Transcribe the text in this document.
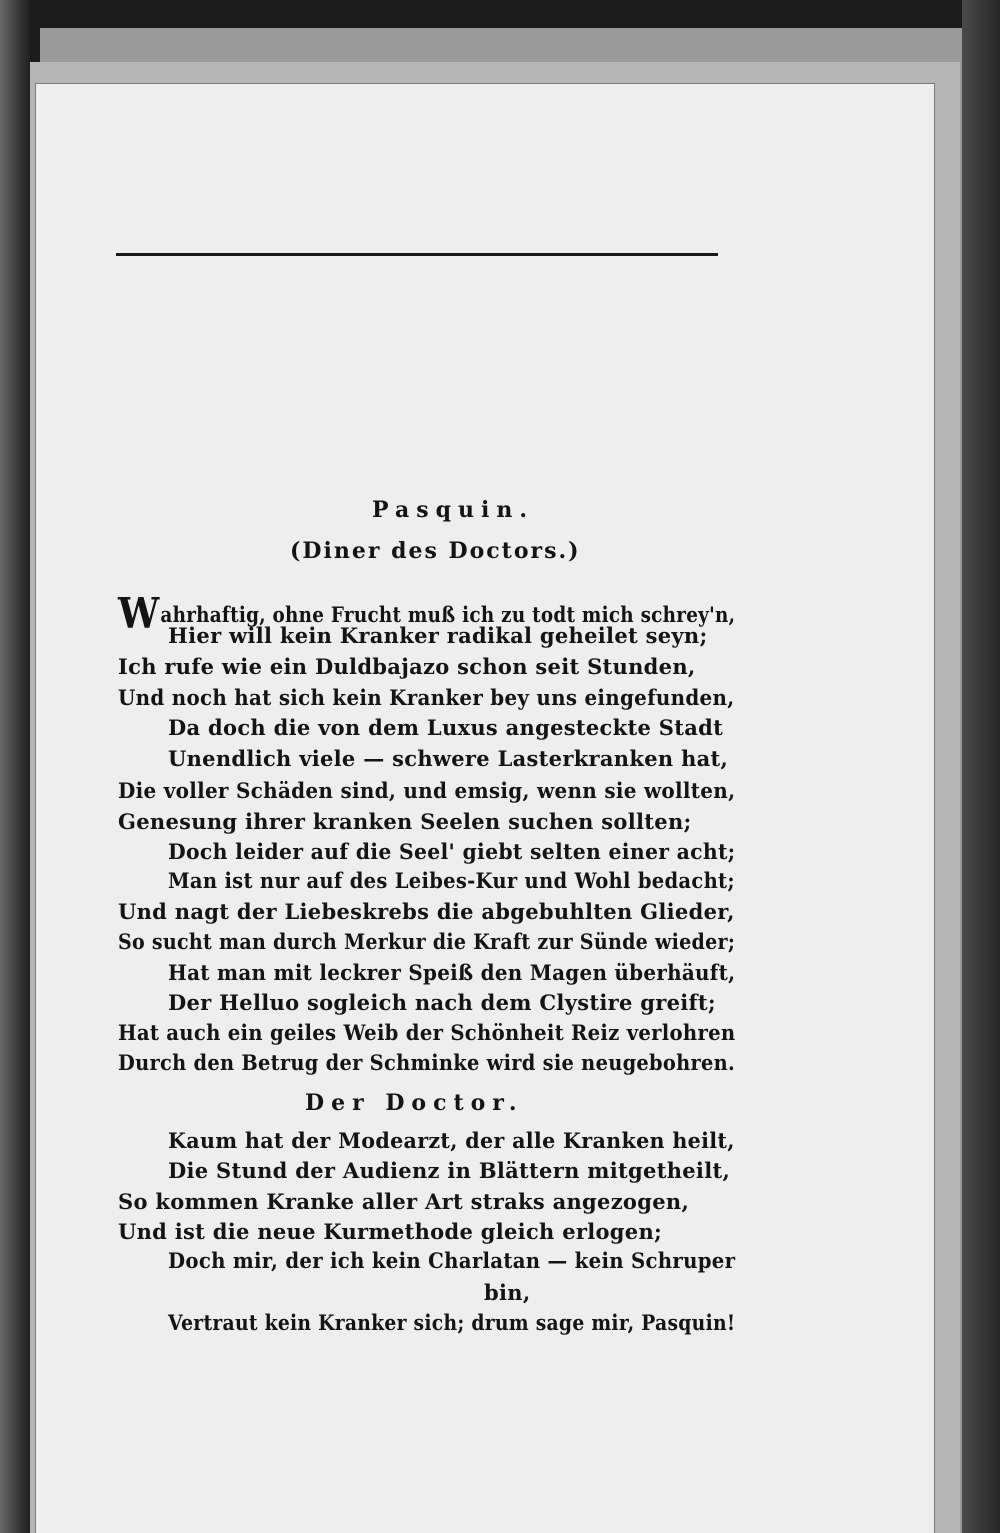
Pasquin.
(Diner des Doctors.)
Wahrhaftig, ohne Frucht muß ich zu todt mich schrey'n,
Hier will kein Kranker radikal geheilet seyn;
Ich rufe wie ein Duldbajazo schon seit Stunden,
Und noch hat sich kein Kranker bey uns eingefunden,
Da doch die von dem Luxus angesteckte Stadt
Unendlich viele — schwere Lasterkranken hat,
Die voller Schäden sind, und emsig, wenn sie wollten,
Genesung ihrer kranken Seelen suchen sollten;
Doch leider auf die Seel' giebt selten einer acht;
Man ist nur auf des Leibes-Kur und Wohl bedacht;
Und nagt der Liebeskrebs die abgebuhlten Glieder,
So sucht man durch Merkur die Kraft zur Sünde wieder;
Hat man mit leckrer Speiß den Magen überhäuft,
Der Helluo sogleich nach dem Clystire greift;
Hat auch ein geiles Weib der Schönheit Reiz verlohren
Durch den Betrug der Schminke wird sie neugebohren.
Der Doctor.
Kaum hat der Modearzt, der alle Kranken heilt,
Die Stund der Audienz in Blättern mitgetheilt,
So kommen Kranke aller Art straks angezogen,
Und ist die neue Kurmethode gleich erlogen;
Doch mir, der ich kein Charlatan — kein Schruper
bin,
Vertraut kein Kranker sich; drum sage mir, Pasquin!
